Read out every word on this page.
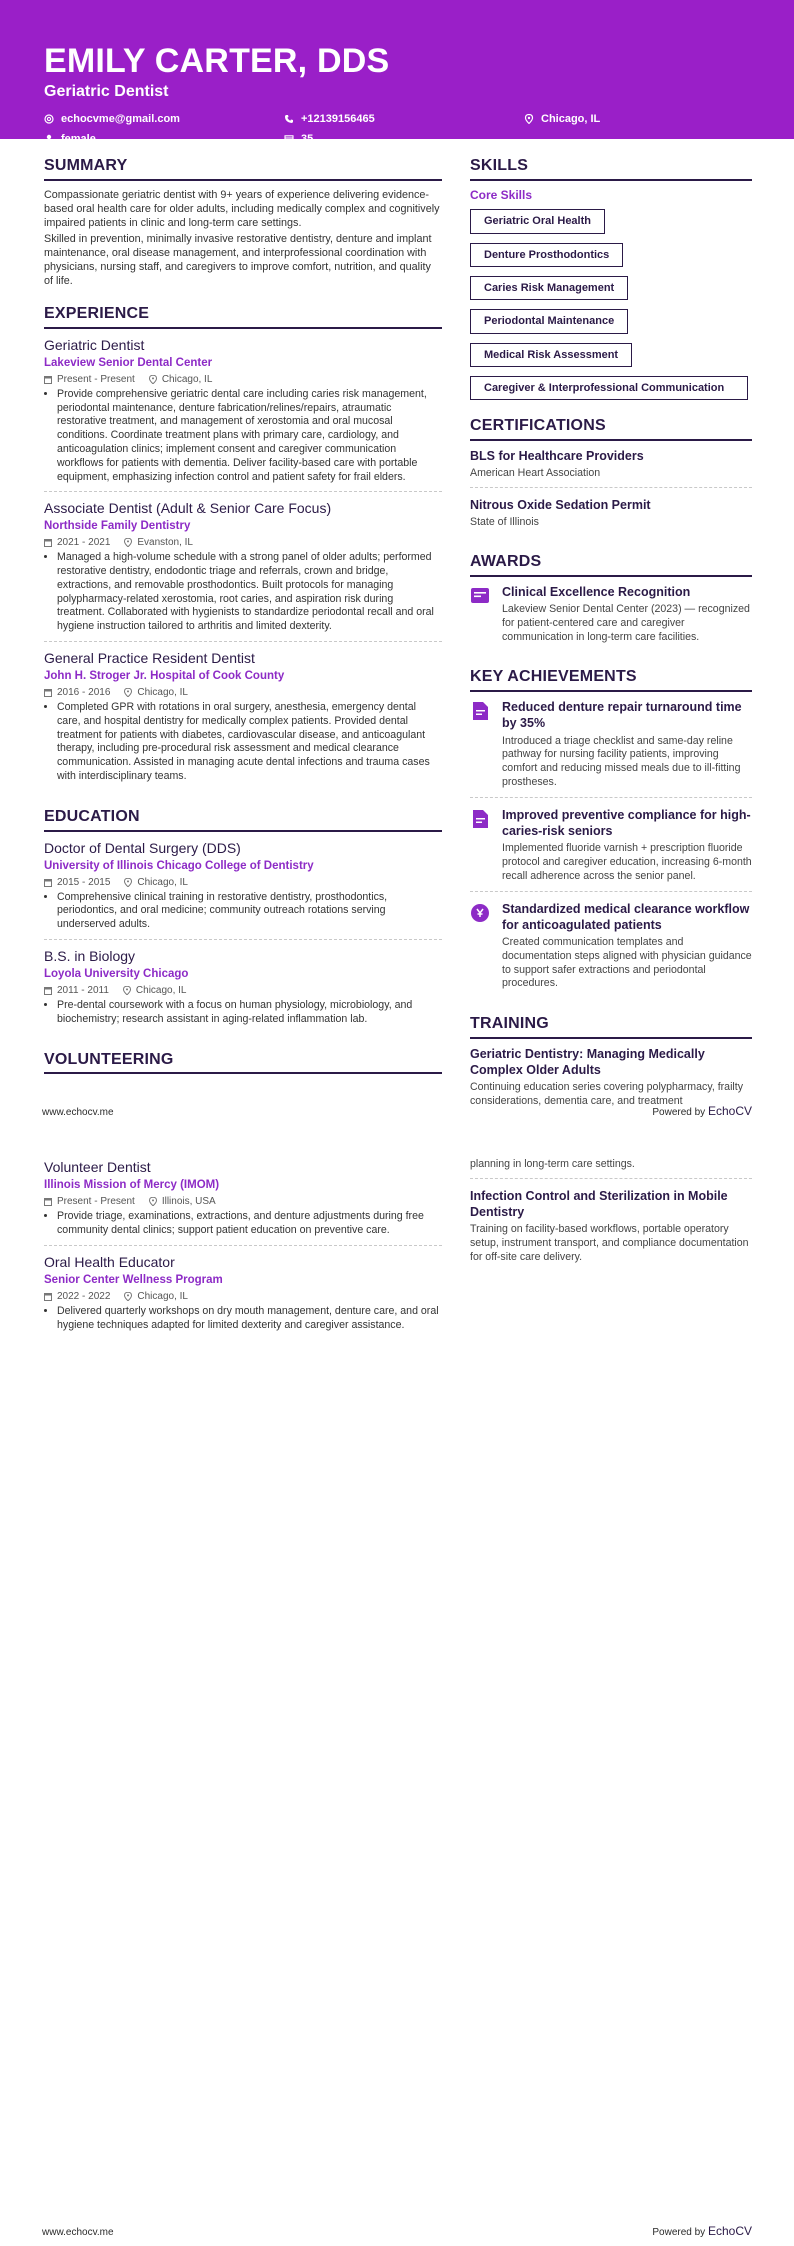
EMILY CARTER, DDS
Geriatric Dentist
echocvme@gmail.com	+12139156465	Chicago, IL
female	35
SUMMARY

Compassionate geriatric dentist with 9+ years of experience delivering evidence-based oral health care for older adults, including medically complex and cognitively impaired patients in clinic and long-term care settings.

Skilled in prevention, minimally invasive restorative dentistry, denture and implant maintenance, oral disease management, and interprofessional coordination with physicians, nursing staff, and caregivers to improve comfort, nutrition, and quality of life.

EXPERIENCE
Geriatric Dentist
Lakeview Senior Dental Center
Present - Present	Chicago, IL
• Provide comprehensive geriatric dental care including caries risk management, periodontal maintenance, denture fabrication/relines/repairs, atraumatic restorative treatment, and management of xerostomia and oral mucosal conditions. Coordinate treatment plans with primary care, cardiology, and anticoagulation clinics; implement consent and caregiver communication workflows for patients with dementia. Deliver facility-based care with portable equipment, emphasizing infection control and patient safety for frail elders.
Associate Dentist (Adult & Senior Care Focus)
Northside Family Dentistry
2021 - 2021	Evanston, IL
• Managed a high-volume schedule with a strong panel of older adults; performed restorative dentistry, endodontic triage and referrals, crown and bridge, extractions, and removable prosthodontics. Built protocols for managing polypharmacy-related xerostomia, root caries, and aspiration risk during treatment. Collaborated with hygienists to standardize periodontal recall and oral hygiene instruction tailored to arthritis and limited dexterity.
General Practice Resident Dentist
John H. Stroger Jr. Hospital of Cook County
2016 - 2016	Chicago, IL
• Completed GPR with rotations in oral surgery, anesthesia, emergency dental care, and hospital dentistry for medically complex patients. Provided dental treatment for patients with diabetes, cardiovascular disease, and anticoagulant therapy, including pre-procedural risk assessment and medical clearance communication. Assisted in managing acute dental infections and trauma cases with interdisciplinary teams.
EDUCATION
Doctor of Dental Surgery (DDS)
University of Illinois Chicago College of Dentistry
2015 - 2015	Chicago, IL
• Comprehensive clinical training in restorative dentistry, prosthodontics, periodontics, and oral medicine; community outreach rotations serving underserved adults.
B.S. in Biology
Loyola University Chicago
2011 - 2011	Chicago, IL
• Pre-dental coursework with a focus on human physiology, microbiology, and biochemistry; research assistant in aging-related inflammation lab.
VOLUNTEERING
SKILLS
Core Skills
Geriatric Oral Health
Denture Prosthodontics
Caries Risk Management
Periodontal Maintenance
Medical Risk Assessment
Caregiver & Interprofessional Communication
CERTIFICATIONS
BLS for Healthcare Providers
American Heart Association
Nitrous Oxide Sedation Permit
State of Illinois
AWARDS
Clinical Excellence Recognition
Lakeview Senior Dental Center (2023) — recognized for patient-centered care and caregiver communication in long-term care facilities.
KEY ACHIEVEMENTS
Reduced denture repair turnaround time by 35%
Introduced a triage checklist and same-day reline pathway for nursing facility patients, improving comfort and reducing missed meals due to ill-fitting prostheses.
Improved preventive compliance for high-caries-risk seniors
Implemented fluoride varnish + prescription fluoride protocol and caregiver education, increasing 6-month recall adherence across the senior panel.
Standardized medical clearance workflow for anticoagulated patients
Created communication templates and documentation steps aligned with physician guidance to support safer extractions and periodontal procedures.
TRAINING
Geriatric Dentistry: Managing Medically Complex Older Adults
Continuing education series covering polypharmacy, frailty considerations, dementia care, and treatment
www.echocv.me	Powered by EchoCV
Volunteer Dentist
Illinois Mission of Mercy (IMOM)
Present - Present	Illinois, USA
• Provide triage, examinations, extractions, and denture adjustments during free community dental clinics; support patient education on preventive care.
Oral Health Educator
Senior Center Wellness Program
2022 - 2022	Chicago, IL
• Delivered quarterly workshops on dry mouth management, denture care, and oral hygiene techniques adapted for limited dexterity and caregiver assistance.
planning in long-term care settings.
Infection Control and Sterilization in Mobile Dentistry
Training on facility-based workflows, portable operatory setup, instrument transport, and compliance documentation for off-site care delivery.
www.echocv.me	Powered by EchoCV
